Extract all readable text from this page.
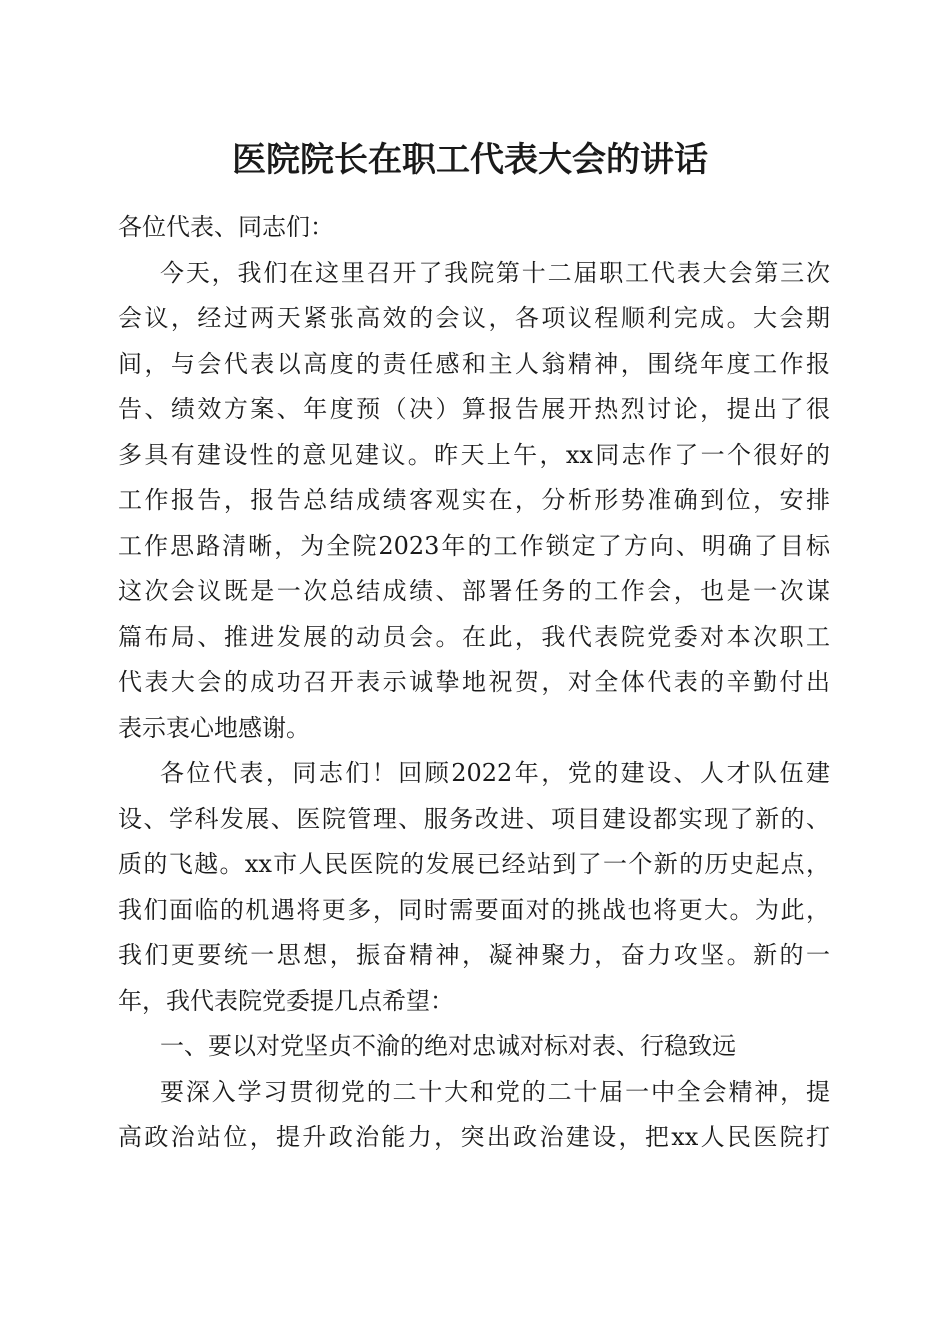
医院院长在职工代表大会的讲话
各位代表、同志们：
今天，我们在这里召开了我院第十二届职工代表大会第三次
会议，经过两天紧张高效的会议，各项议程顺利完成。大会期
间，与会代表以高度的责任感和主人翁精神，围绕年度工作报
告、绩效方案、年度预（决）算报告展开热烈讨论，提出了很
多具有建设性的意见建议。昨天上午，xx同志作了一个很好的
工作报告，报告总结成绩客观实在，分析形势准确到位，安排
工作思路清晰，为全院2023年的工作锁定了方向、明确了目标
这次会议既是一次总结成绩、部署任务的工作会，也是一次谋
篇布局、推进发展的动员会。在此，我代表院党委对本次职工
代表大会的成功召开表示诚挚地祝贺，对全体代表的辛勤付出
表示衷心地感谢。
各位代表，同志们！回顾2022年，党的建设、人才队伍建
设、学科发展、医院管理、服务改进、项目建设都实现了新的、
质的飞越。xx市人民医院的发展已经站到了一个新的历史起点，
我们面临的机遇将更多，同时需要面对的挑战也将更大。为此，
我们更要统一思想，振奋精神，凝神聚力，奋力攻坚。新的一
年，我代表院党委提几点希望：
一、要以对党坚贞不渝的绝对忠诚对标对表、行稳致远
要深入学习贯彻党的二十大和党的二十届一中全会精神，提
高政治站位，提升政治能力，突出政治建设，把xx人民医院打
